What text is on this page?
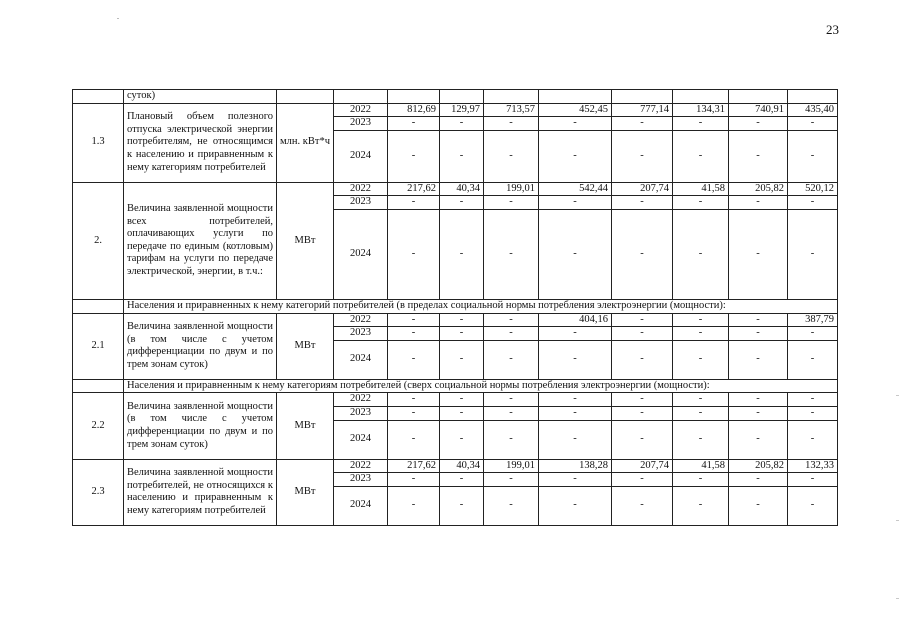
23
	суток)										
1.3	Плановый объем полезного отпуска электрической энергии потребителям, не относящимся к населению и приравненным к нему категориям потребителей	млн. кВт*ч	2022	812,69	129,97	713,57	452,45	777,14	134,31	740,91	435,40
			2023	-	-	-	-	-	-	-	-
			2024	-	-	-	-	-	-	-	-
2.	Величина заявленной мощности всех потребителей, оплачивающих услуги по передаче по единым (котловым) тарифам на услуги по передаче электрической, энергии, в т.ч.:	МВт	2022	217,62	40,34	199,01	542,44	207,74	41,58	205,82	520,12
			2023	-	-	-	-	-	-	-	-
			2024	-	-	-	-	-	-	-	-
	Населения и приравненных к нему категорий потребителей (в пределах социальной нормы потребления электроэнергии (мощности):										
2.1	Величина заявленной мощности (в том числе с учетом дифференциации по двум и по трем зонам суток)	МВт	2022	-	-	-	404,16	-	-	-	387,79
			2023	-	-	-	-	-	-	-	-
			2024	-	-	-	-	-	-	-	-
	Населения и приравненным к нему категориям потребителей (сверх социальной нормы потребления электроэнергии (мощности):										
2.2	Величина заявленной мощности (в том числе с учетом дифференциации по двум и по трем зонам суток)	МВт	2022	-	-	-	-	-	-	-	-
			2023	-	-	-	-	-	-	-	-
			2024	-	-	-	-	-	-	-	-
2.3	Величина заявленной мощности потребителей, не относящихся к населению и приравненным к нему категориям потребителей	МВт	2022	217,62	40,34	199,01	138,28	207,74	41,58	205,82	132,33
			2023	-	-	-	-	-	-	-	-
			2024	-	-	-	-	-	-	-	-
